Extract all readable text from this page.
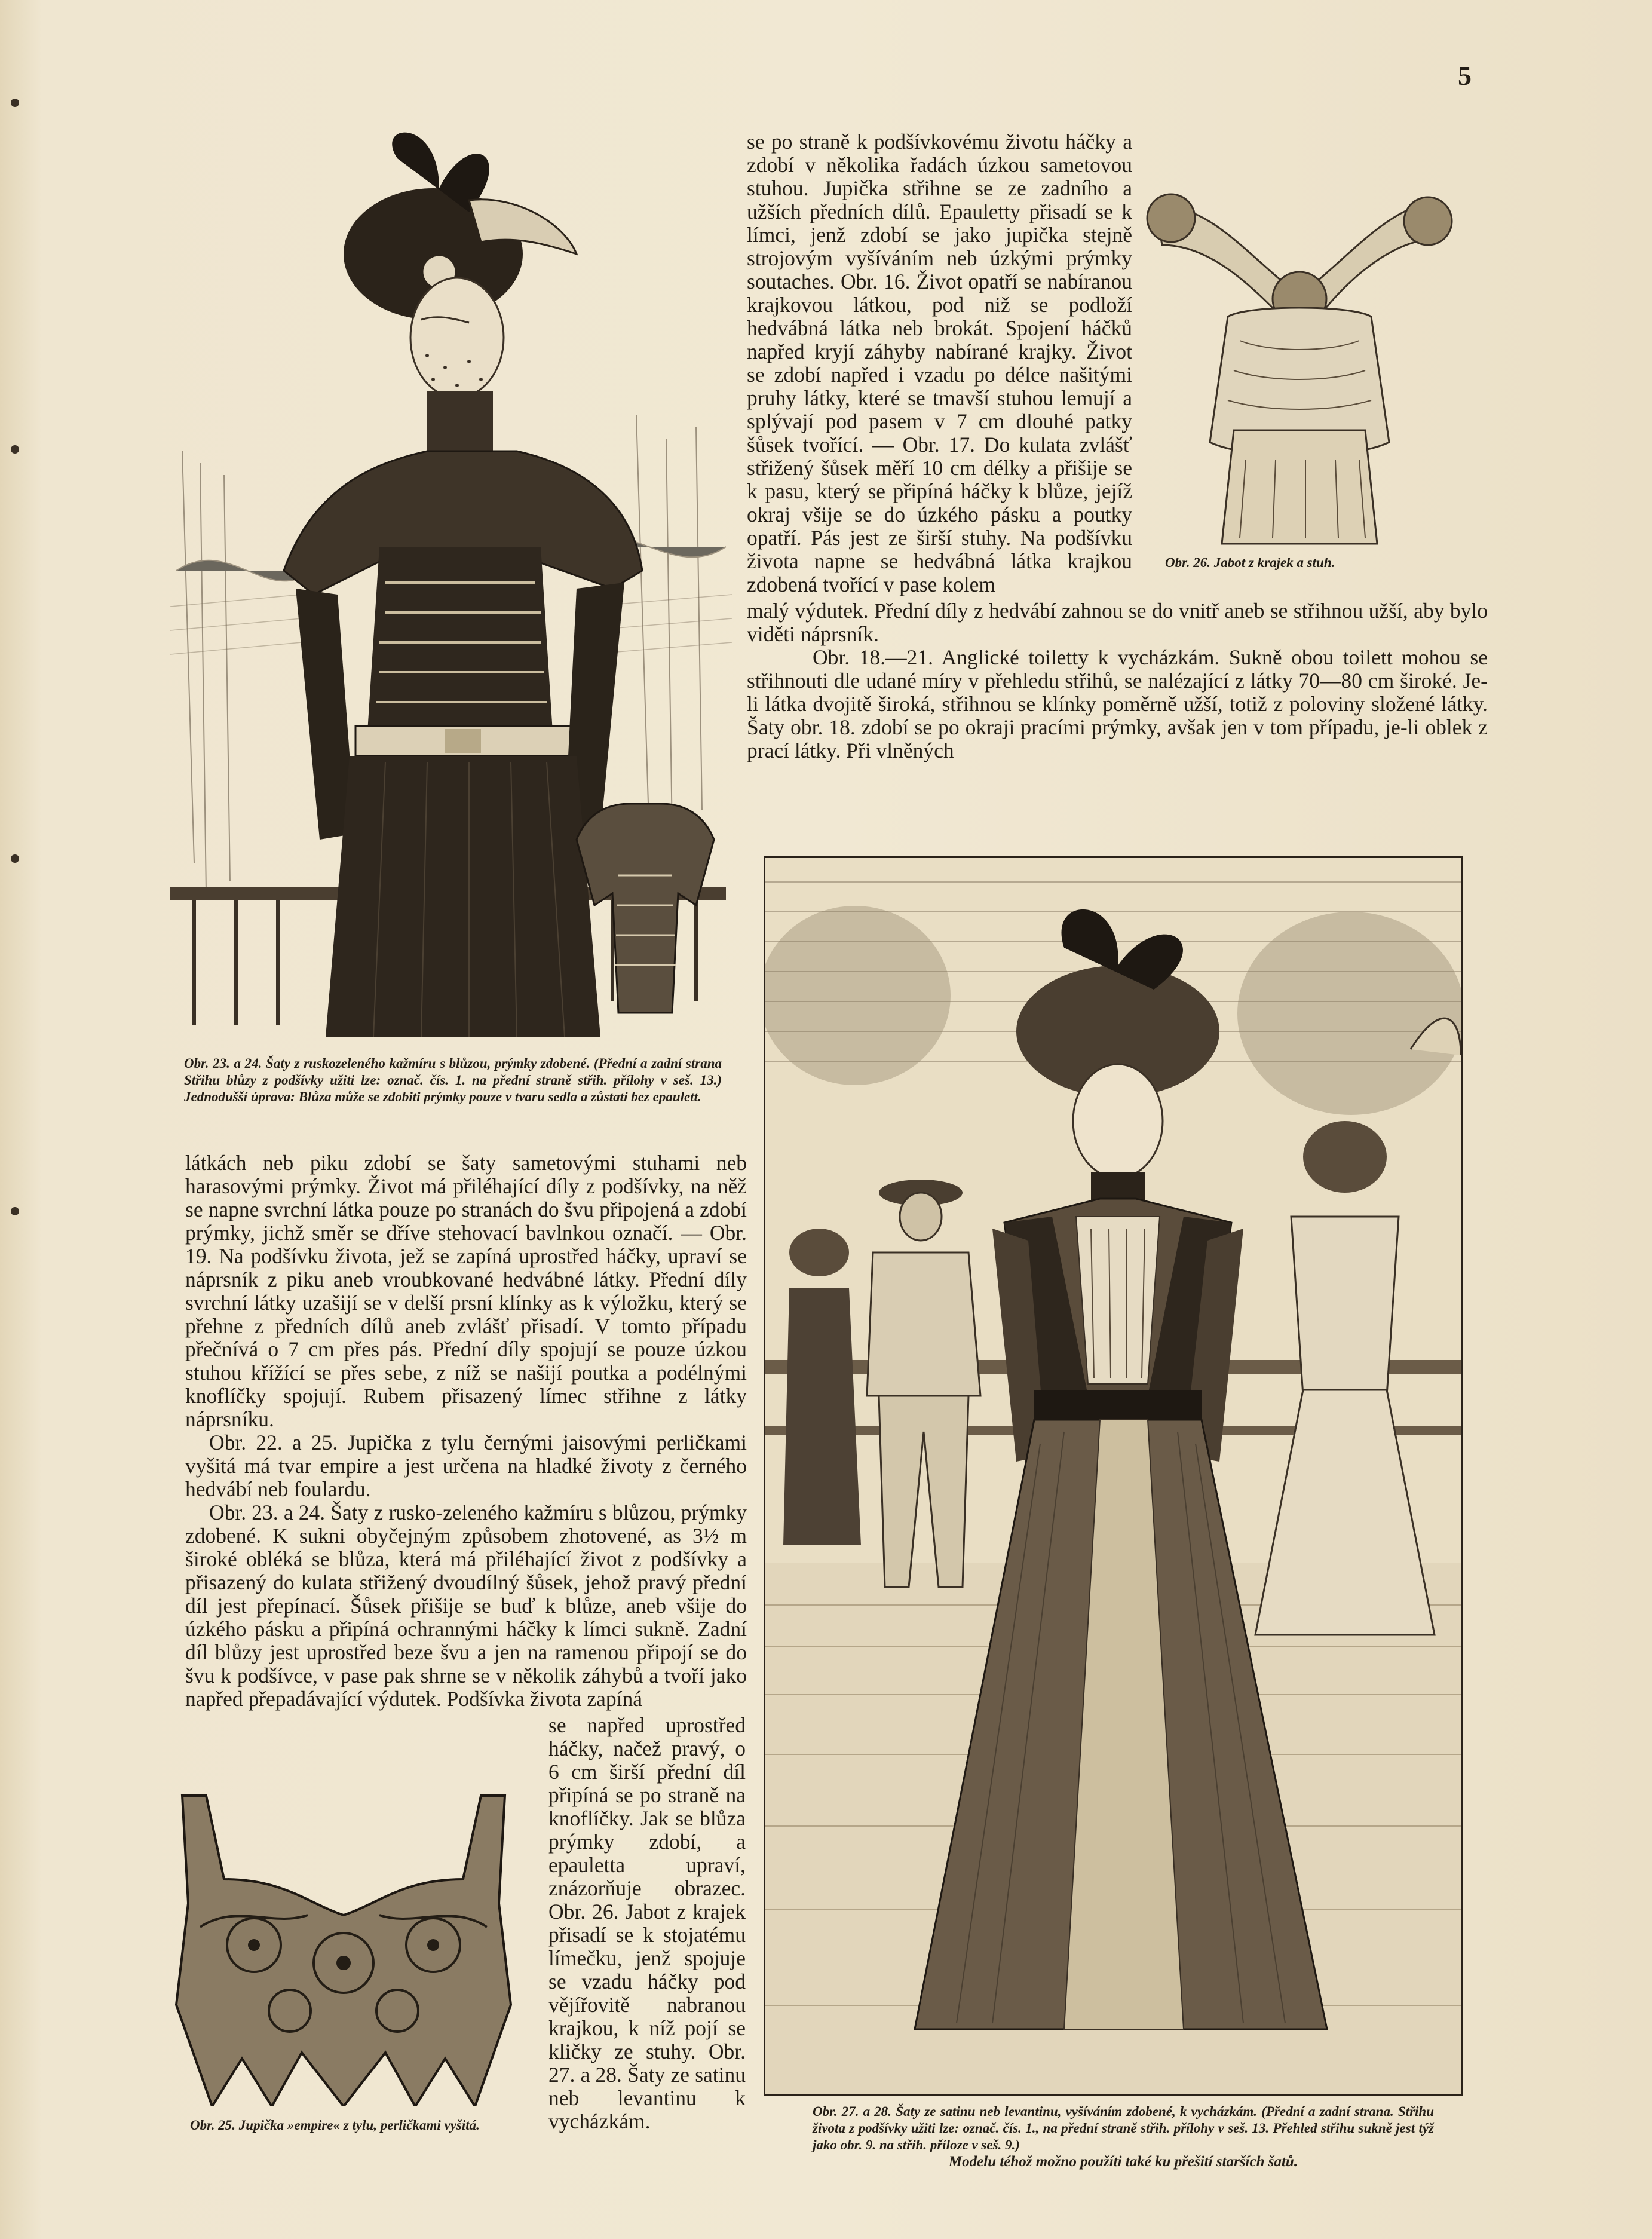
5

se po straně k podšívkovému životu háčky a zdobí v několika řadách úzkou sametovou stuhou. Jupička střihne se ze zadního a užších předních dílů. Epauletty přisadí se k límci, jenž zdobí se jako jupička stejně strojovým vyšíváním neb úzkými prýmky soutaches. Obr. 16. Život opatří se nabíranou krajkovou látkou, pod niž se podloží hedvábná látka neb brokát. Spojení háčků napřed kryjí záhyby nabírané krajky. Život se zdobí napřed i vzadu po délce našitými pruhy látky, které se tmavší stuhou lemují a splývají pod pasem v 7 cm dlouhé patky šůsek tvořící. — Obr. 17. Do kulata zvlášť střižený šůsek měří 10 cm délky a přišije se k pasu, který se připíná háčky k blůze, jejíž okraj všije se do úzkého pásku a poutky opatří. Pás jest ze širší stuhy. Na podšívku života napne se hedvábná látka krajkou zdobená tvořící v pase kolem

malý výdutek. Přední díly z hedvábí zahnou se do vnitř aneb se střihnou užší, aby bylo viděti náprsník.

Obr. 18.—21. Anglické toiletty k vycházkám. Sukně obou toilett mohou se střihnouti dle udané míry v přehledu střihů, se nalézající z látky 70—80 cm široké. Je-li látka dvojitě široká, střihnou se klínky poměrně užší, totiž z poloviny složené látky. Šaty obr. 18. zdobí se po okraji pracími prýmky, avšak jen v tom případu, je-li oblek z prací látky. Při vlněných

látkách neb piku zdobí se šaty sametovými stuhami neb harasovými prýmky. Život má přiléhající díly z podšívky, na něž se napne svrchní látka pouze po stranách do švu připojená a zdobí prýmky, jichž směr se dříve stehovací bavlnkou označí. — Obr. 19. Na podšívku života, jež se zapíná uprostřed háčky, upraví se náprsník z piku aneb vroubkované hedvábné látky. Přední díly svrchní látky uzašijí se v delší prsní klínky as k výložku, který se přehne z předních dílů aneb zvlášť přisadí. V tomto případu přečnívá o 7 cm přes pás. Přední díly spojují se pouze úzkou stuhou křížící se přes sebe, z níž se našijí poutka a podélnými knoflíčky spojují. Rubem přisazený límec střihne z látky náprsníku.

Obr. 22. a 25. Jupička z tylu černými jaisovými perličkami vyšitá má tvar empire a jest určena na hladké životy z černého hedvábí neb foulardu.

Obr. 23. a 24. Šaty z rusko-zeleného kažmíru s blůzou, prýmky zdobené. K sukni obyčejným způsobem zhotovené, as 3½ m široké obléká se blůza, která má přiléhající život z podšívky a přisazený do kulata střižený dvoudílný šůsek, jehož pravý přední díl jest přepínací. Šůsek přišije se buď k blůze, aneb všije do úzkého pásku a připíná ochrannými háčky k límci sukně. Zadní díl blůzy jest uprostřed beze švu a jen na ramenou připojí se do švu k podšívce, v pase pak shrne se v několik záhybů a tvoří jako napřed přepadávající výdutek. Podšívka života zapíná

se napřed uprostřed háčky, načež pravý, o 6 cm širší přední díl připíná se po straně na knoflíčky. Jak se blůza prýmky zdobí, a epauletta upraví, znázorňuje obrazec. Obr. 26. Jabot z krajek přisadí se k stojatému límečku, jenž spojuje se vzadu háčky pod vějířovitě nabranou krajkou, k níž pojí se kličky ze stuhy. Obr. 27. a 28. Šaty ze satinu neb levantinu k vycházkám.

Obr. 23. a 24. Šaty z ruskozeleného kažmíru s blůzou, prýmky zdobené. (Přední a zadní strana Střihu blůzy z podšívky užiti lze: označ. čís. 1. na přední straně střih. přílohy v seš. 13.) Jednodušší úprava: Blůza může se zdobiti prýmky pouze v tvaru sedla a zůstati bez epaulett.
Obr. 26. Jabot z krajek a stuh.
Obr. 25. Jupička »empire« z tylu, perličkami vyšitá.
Obr. 27. a 28. Šaty ze satinu neb levantinu, vyšíváním zdobené, k vycházkám. (Přední a zadní strana. Střihu života z podšívky užiti lze: označ. čís. 1., na přední straně střih. přílohy v seš. 13. Přehled střihu sukně jest týž jako obr. 9. na střih. příloze v seš. 9.)
Modelu téhož možno použíti také ku přešití starších šatů.
